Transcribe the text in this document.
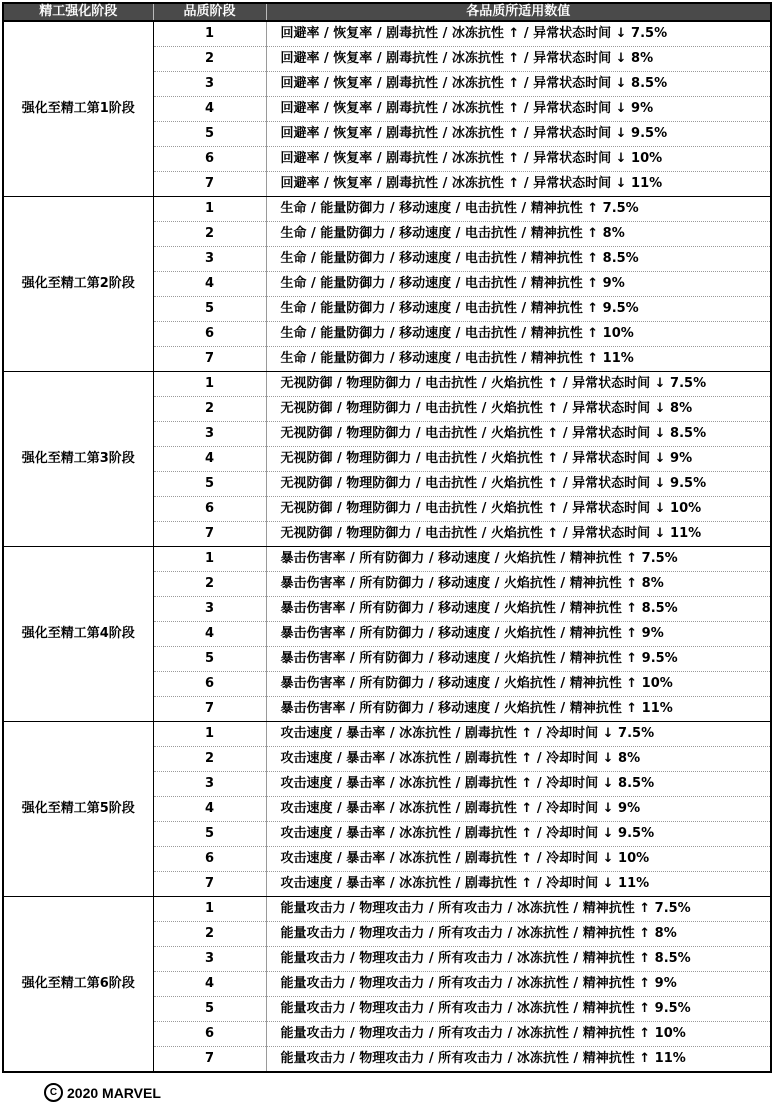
精工强化阶段	品质阶段	各品质所适用数值
强化至精工第1阶段	1	回避率 / 恢复率 / 剧毒抗性 / 冰冻抗性 ↑ / 异常状态时间 ↓ 7.5%
	2	回避率 / 恢复率 / 剧毒抗性 / 冰冻抗性 ↑ / 异常状态时间 ↓ 8%
	3	回避率 / 恢复率 / 剧毒抗性 / 冰冻抗性 ↑ / 异常状态时间 ↓ 8.5%
	4	回避率 / 恢复率 / 剧毒抗性 / 冰冻抗性 ↑ / 异常状态时间 ↓ 9%
	5	回避率 / 恢复率 / 剧毒抗性 / 冰冻抗性 ↑ / 异常状态时间 ↓ 9.5%
	6	回避率 / 恢复率 / 剧毒抗性 / 冰冻抗性 ↑ / 异常状态时间 ↓ 10%
	7	回避率 / 恢复率 / 剧毒抗性 / 冰冻抗性 ↑ / 异常状态时间 ↓ 11%
强化至精工第2阶段	1	生命 / 能量防御力 / 移动速度 / 电击抗性 / 精神抗性 ↑ 7.5%
	2	生命 / 能量防御力 / 移动速度 / 电击抗性 / 精神抗性 ↑ 8%
	3	生命 / 能量防御力 / 移动速度 / 电击抗性 / 精神抗性 ↑ 8.5%
	4	生命 / 能量防御力 / 移动速度 / 电击抗性 / 精神抗性 ↑ 9%
	5	生命 / 能量防御力 / 移动速度 / 电击抗性 / 精神抗性 ↑ 9.5%
	6	生命 / 能量防御力 / 移动速度 / 电击抗性 / 精神抗性 ↑ 10%
	7	生命 / 能量防御力 / 移动速度 / 电击抗性 / 精神抗性 ↑ 11%
强化至精工第3阶段	1	无视防御 / 物理防御力 / 电击抗性 / 火焰抗性 ↑ / 异常状态时间 ↓ 7.5%
	2	无视防御 / 物理防御力 / 电击抗性 / 火焰抗性 ↑ / 异常状态时间 ↓ 8%
	3	无视防御 / 物理防御力 / 电击抗性 / 火焰抗性 ↑ / 异常状态时间 ↓ 8.5%
	4	无视防御 / 物理防御力 / 电击抗性 / 火焰抗性 ↑ / 异常状态时间 ↓ 9%
	5	无视防御 / 物理防御力 / 电击抗性 / 火焰抗性 ↑ / 异常状态时间 ↓ 9.5%
	6	无视防御 / 物理防御力 / 电击抗性 / 火焰抗性 ↑ / 异常状态时间 ↓ 10%
	7	无视防御 / 物理防御力 / 电击抗性 / 火焰抗性 ↑ / 异常状态时间 ↓ 11%
强化至精工第4阶段	1	暴击伤害率 / 所有防御力 / 移动速度 / 火焰抗性 / 精神抗性 ↑ 7.5%
	2	暴击伤害率 / 所有防御力 / 移动速度 / 火焰抗性 / 精神抗性 ↑ 8%
	3	暴击伤害率 / 所有防御力 / 移动速度 / 火焰抗性 / 精神抗性 ↑ 8.5%
	4	暴击伤害率 / 所有防御力 / 移动速度 / 火焰抗性 / 精神抗性 ↑ 9%
	5	暴击伤害率 / 所有防御力 / 移动速度 / 火焰抗性 / 精神抗性 ↑ 9.5%
	6	暴击伤害率 / 所有防御力 / 移动速度 / 火焰抗性 / 精神抗性 ↑ 10%
	7	暴击伤害率 / 所有防御力 / 移动速度 / 火焰抗性 / 精神抗性 ↑ 11%
强化至精工第5阶段	1	攻击速度 / 暴击率 / 冰冻抗性 / 剧毒抗性 ↑ / 冷却时间 ↓ 7.5%
	2	攻击速度 / 暴击率 / 冰冻抗性 / 剧毒抗性 ↑ / 冷却时间 ↓ 8%
	3	攻击速度 / 暴击率 / 冰冻抗性 / 剧毒抗性 ↑ / 冷却时间 ↓ 8.5%
	4	攻击速度 / 暴击率 / 冰冻抗性 / 剧毒抗性 ↑ / 冷却时间 ↓ 9%
	5	攻击速度 / 暴击率 / 冰冻抗性 / 剧毒抗性 ↑ / 冷却时间 ↓ 9.5%
	6	攻击速度 / 暴击率 / 冰冻抗性 / 剧毒抗性 ↑ / 冷却时间 ↓ 10%
	7	攻击速度 / 暴击率 / 冰冻抗性 / 剧毒抗性 ↑ / 冷却时间 ↓ 11%
强化至精工第6阶段	1	能量攻击力 / 物理攻击力 / 所有攻击力 / 冰冻抗性 / 精神抗性 ↑ 7.5%
	2	能量攻击力 / 物理攻击力 / 所有攻击力 / 冰冻抗性 / 精神抗性 ↑ 8%
	3	能量攻击力 / 物理攻击力 / 所有攻击力 / 冰冻抗性 / 精神抗性 ↑ 8.5%
	4	能量攻击力 / 物理攻击力 / 所有攻击力 / 冰冻抗性 / 精神抗性 ↑ 9%
	5	能量攻击力 / 物理攻击力 / 所有攻击力 / 冰冻抗性 / 精神抗性 ↑ 9.5%
	6	能量攻击力 / 物理攻击力 / 所有攻击力 / 冰冻抗性 / 精神抗性 ↑ 10%
	7	能量攻击力 / 物理攻击力 / 所有攻击力 / 冰冻抗性 / 精神抗性 ↑ 11%
C 2020 MARVEL
